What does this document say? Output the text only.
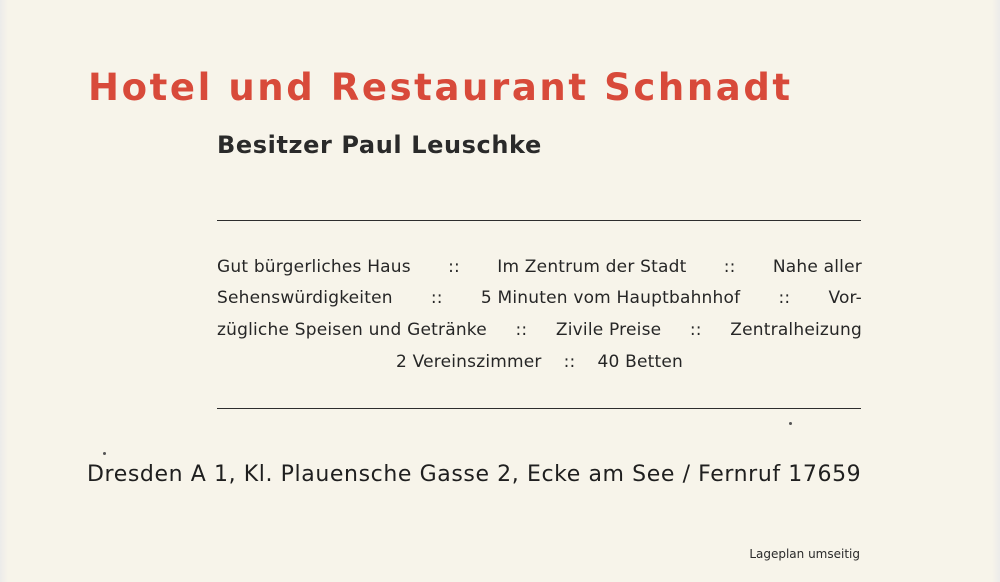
Hotel und Restaurant Schnadt
Besitzer Paul Leuschke
Gut bürgerliches Haus :: Im Zentrum der Stadt :: Nahe aller
Sehenswürdigkeiten :: 5 Minuten vom Hauptbahnhof :: Vor-
zügliche Speisen und Getränke :: Zivile Preise :: Zentralheizung
2 Vereinszimmer :: 40 Betten
Dresden A 1, Kl. Plauensche Gasse 2, Ecke am See / Fernruf 17659
Lageplan umseitig
